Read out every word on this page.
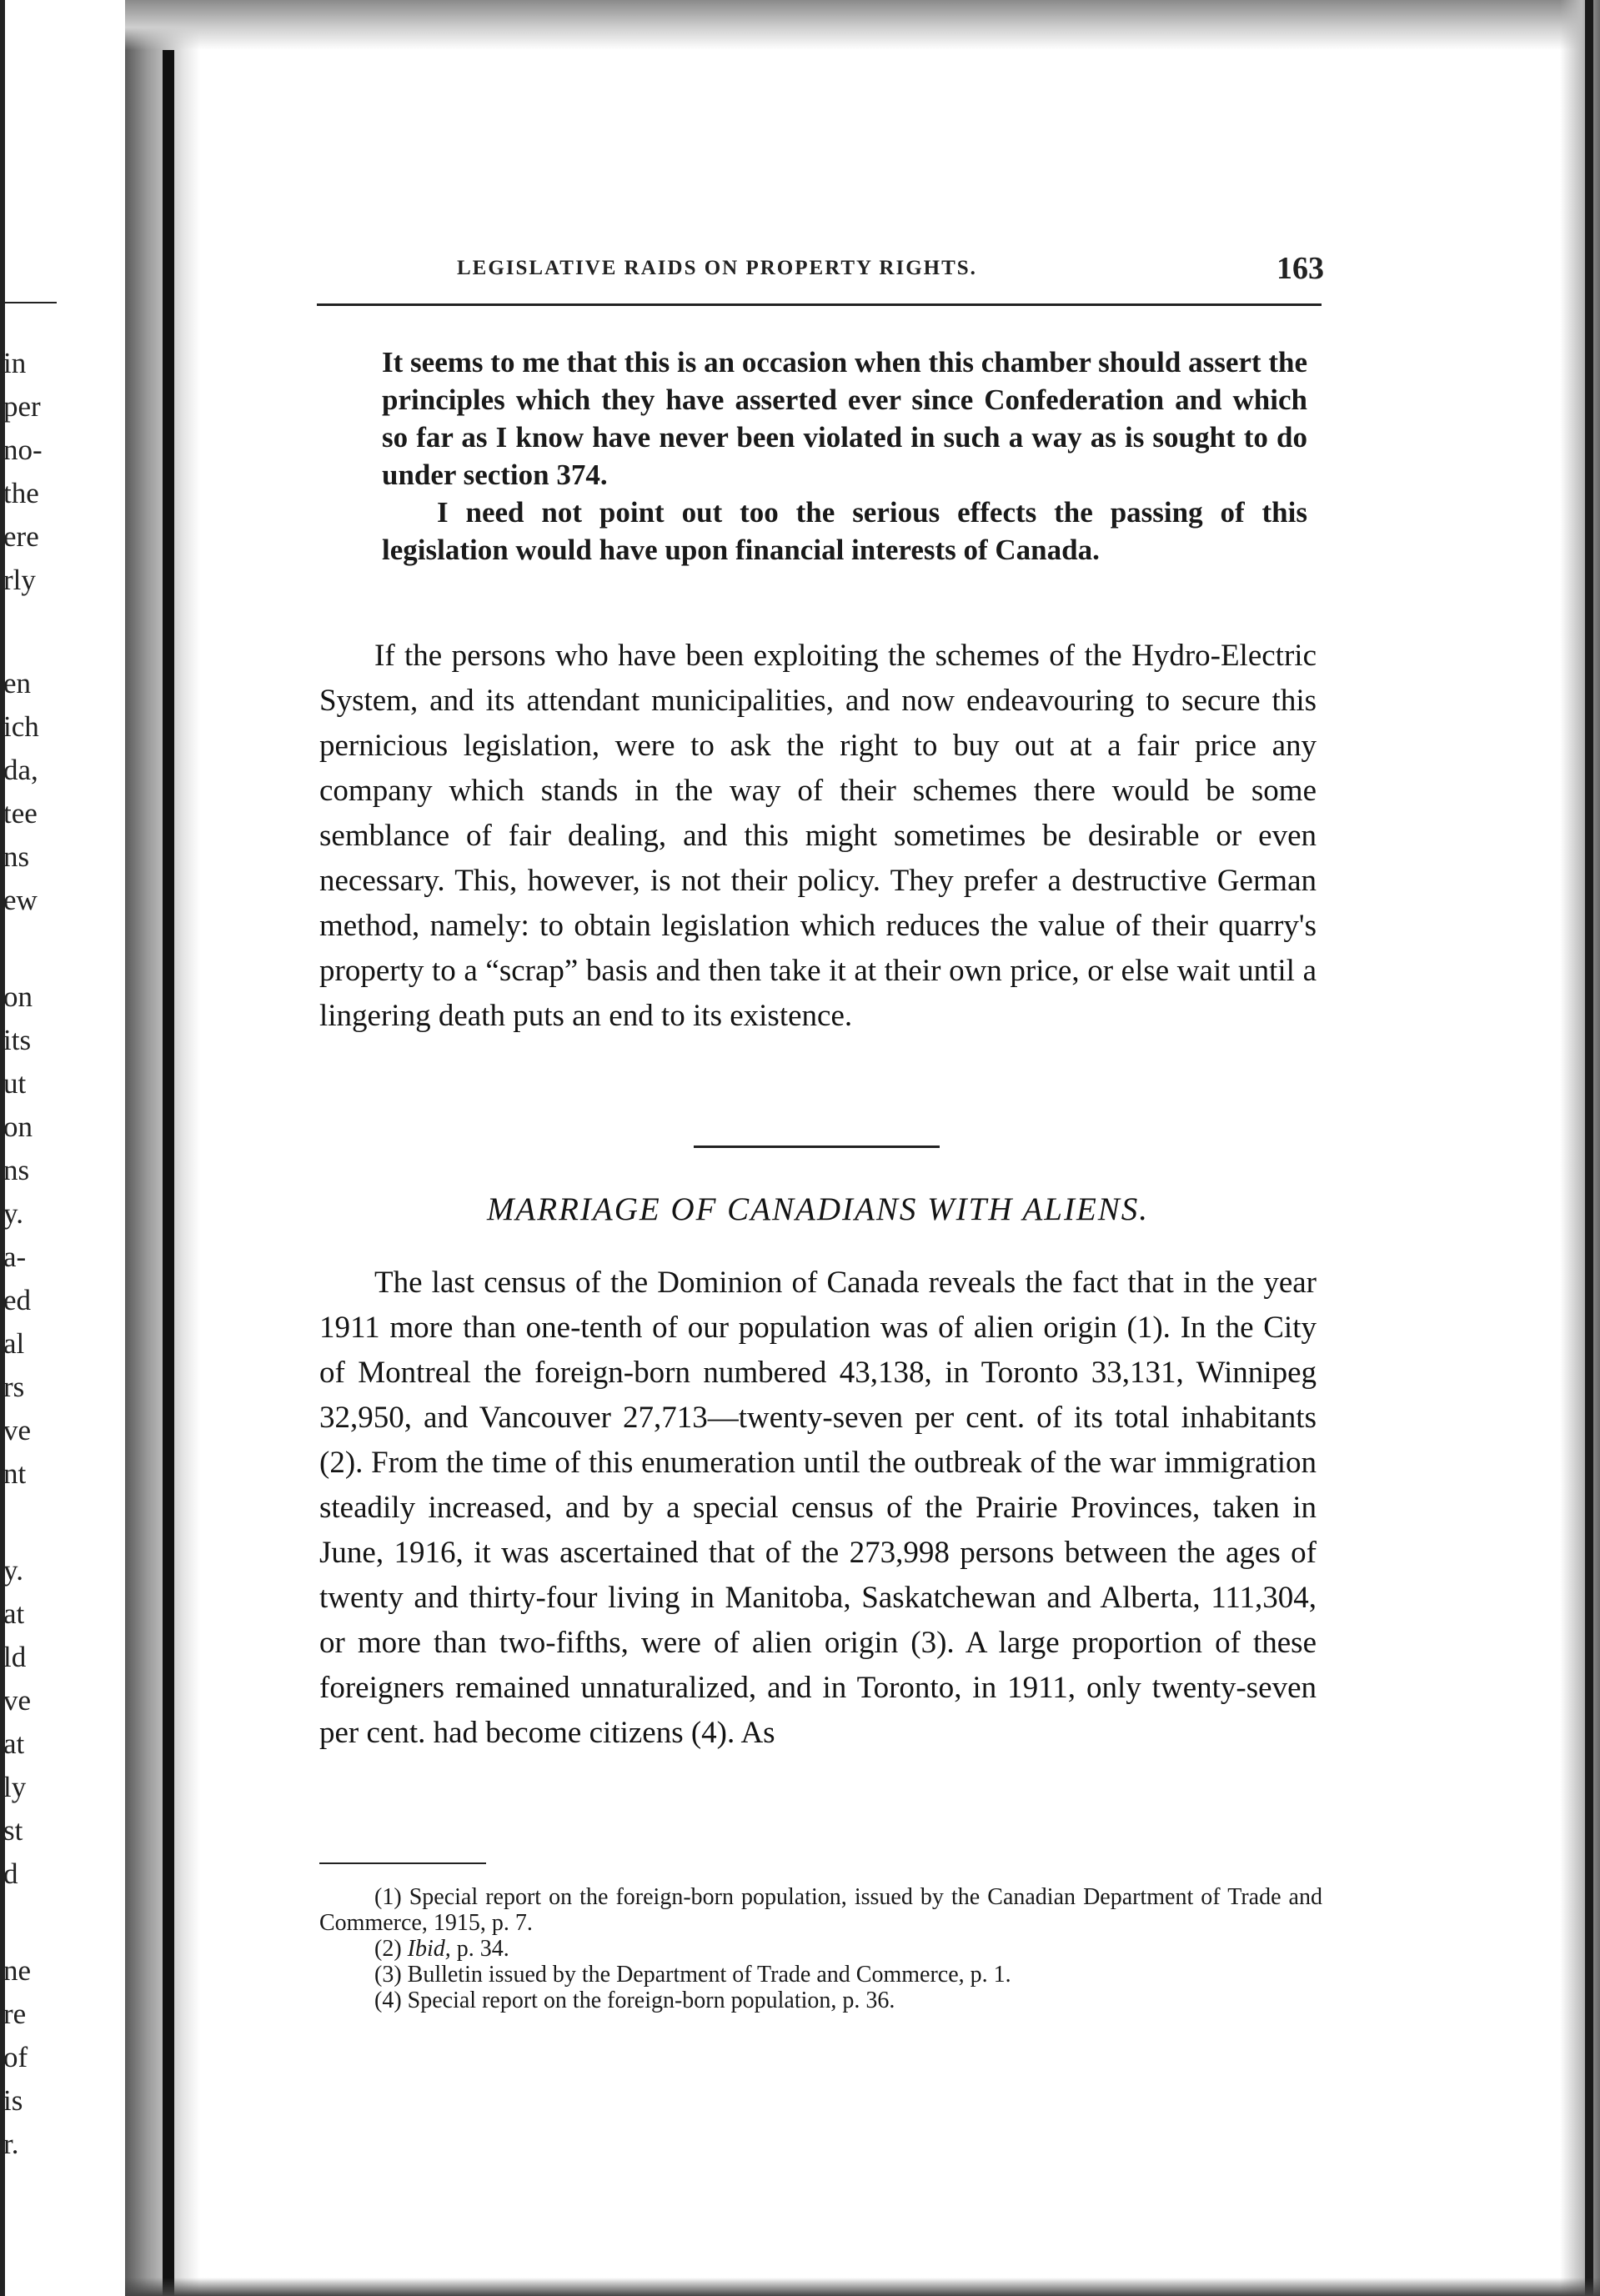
in
per
no-
the
ere
rly
en
ich
da,
tee
ns
ew
on
its
ut
on
ns
y.
a-
ed
al
rs
ve
nt
y.
at
ld
ve
at
ly
st
d
ne
re
of
is
r.
LEGISLATIVE RAIDS ON PROPERTY RIGHTS.	163

It seems to me that this is an occasion when this chamber should assert the principles which they have asserted ever since Confederation and which so far as I know have never been violated in such a way as is sought to do under section 374.

I need not point out too the serious effects the passing of this legislation would have upon financial interests of Canada.

If the persons who have been exploiting the schemes of the Hydro-Electric System, and its attendant municipalities, and now endeavouring to secure this pernicious legislation, were to ask the right to buy out at a fair price any company which stands in the way of their schemes there would be some semblance of fair dealing, and this might sometimes be desirable or even necessary. This, however, is not their policy. They prefer a destructive German method, namely: to obtain legislation which reduces the value of their quarry's property to a “scrap” basis and then take it at their own price, or else wait until a lingering death puts an end to its existence.

MARRIAGE OF CANADIANS WITH ALIENS.

The last census of the Dominion of Canada reveals the fact that in the year 1911 more than one-tenth of our population was of alien origin (1). In the City of Montreal the foreign-born numbered 43,138, in Toronto 33,131, Winnipeg 32,950, and Vancouver 27,713—twenty-seven per cent. of its total inhabitants (2). From the time of this enumeration until the outbreak of the war immigration steadily increased, and by a special census of the Prairie Provinces, taken in June, 1916, it was ascertained that of the 273,998 persons between the ages of twenty and thirty-four living in Manitoba, Saskatchewan and Alberta, 111,304, or more than two-fifths, were of alien origin (3). A large proportion of these foreigners remained unnaturalized, and in Toronto, in 1911, only twenty-seven per cent. had become citizens (4). As

(1) Special report on the foreign-born population, issued by the Canadian Department of Trade and Commerce, 1915, p. 7.

(2) Ibid, p. 34.

(3) Bulletin issued by the Department of Trade and Commerce, p. 1.

(4) Special report on the foreign-born population, p. 36.
